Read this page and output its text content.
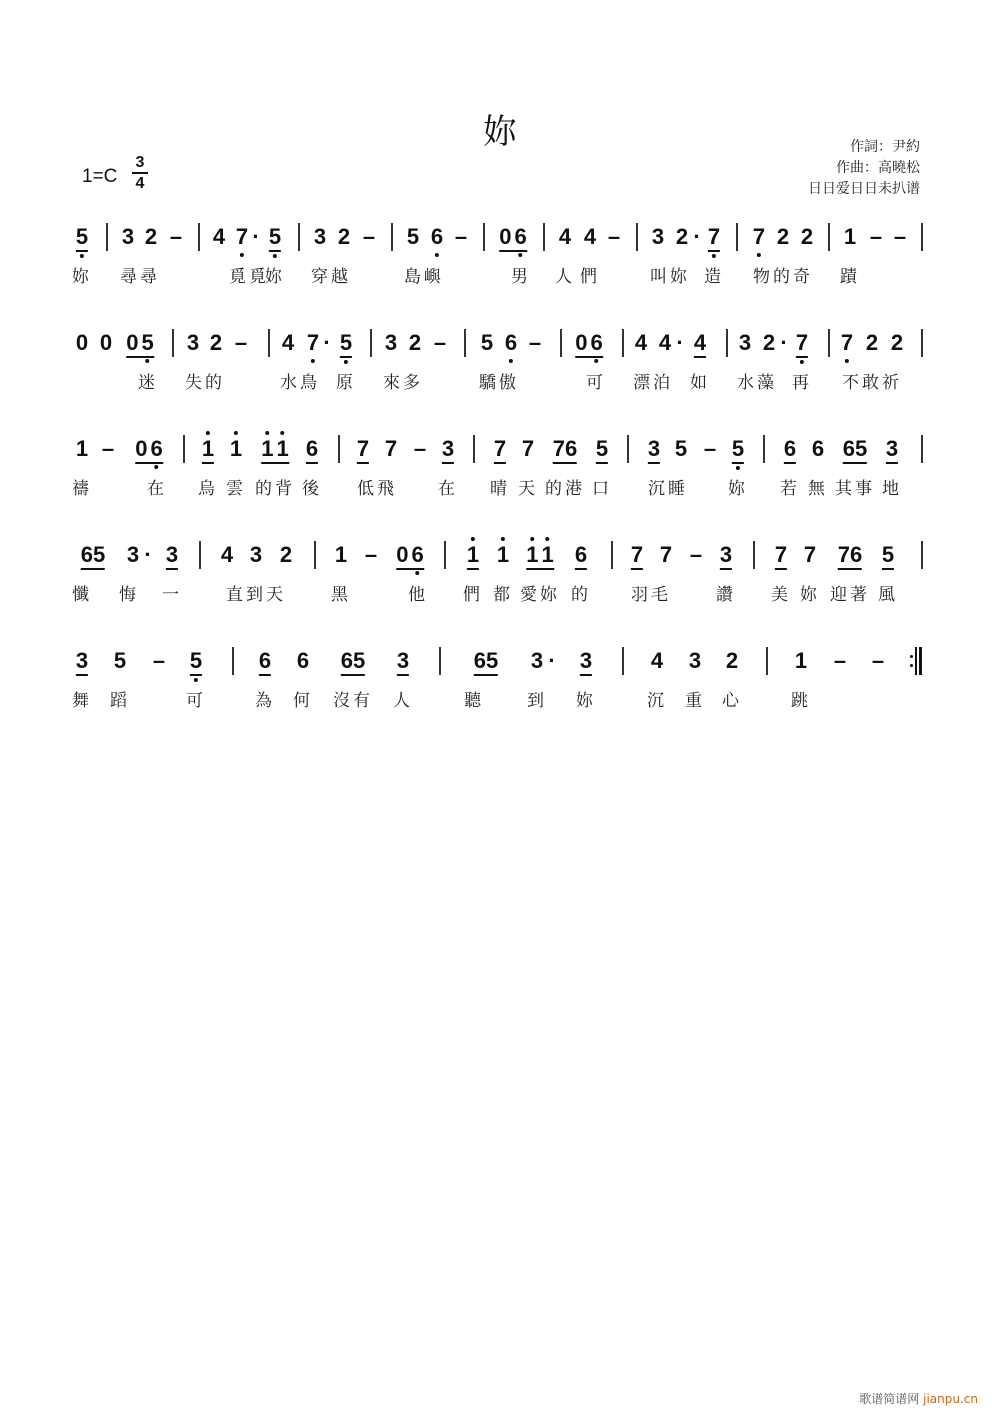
妳
$1=C \frac{3}{4}$
作詞：尹約
作曲：高曉松
日日爱日日未扒谱
5 3 2 – 4 7 · 5 3 2 – 5 6 – 0 6 4 4 – 3 2 · 7 7 2 2 1 – –
妳 尋尋	覓覓
妳 穿越	島嶼	男 人 們	叫妳 造 物的奇 蹟
0 0 0 5 3 2 – 4 7 · 5 3 2 – 5 6 – 0 6 4 4 · 4 3 2 · 7 7 2 2
迷 失的	水鳥 原 來多	驕傲	可 漂泊 如 水藻 再 不敢祈
1 – 0 6 1 1 1 1 6 7 7 – 3 7 7 76 5 3 5 – 5 6 6 65 3
禱	在 烏 雲 的背 後 低飛 在 晴 天 的港 口 沉睡 妳 若 無 其事 地
65 3 · 3 4 3 2 1 – 0 6 1 1 1 1 6 7 7 – 3 7 7 76 5
懺 悔 一	直到天	黑	他 們 都 愛妳 的 羽毛	讚 美 妳 迎著 風
3 5 – 5	6 6 65 3	65 3 · 3	4 3 2	1 – –
舞 蹈	可	為 何 沒有 人	聽	到 妳	沉 重 心	跳
歌谱简谱网 jianpu.cn
